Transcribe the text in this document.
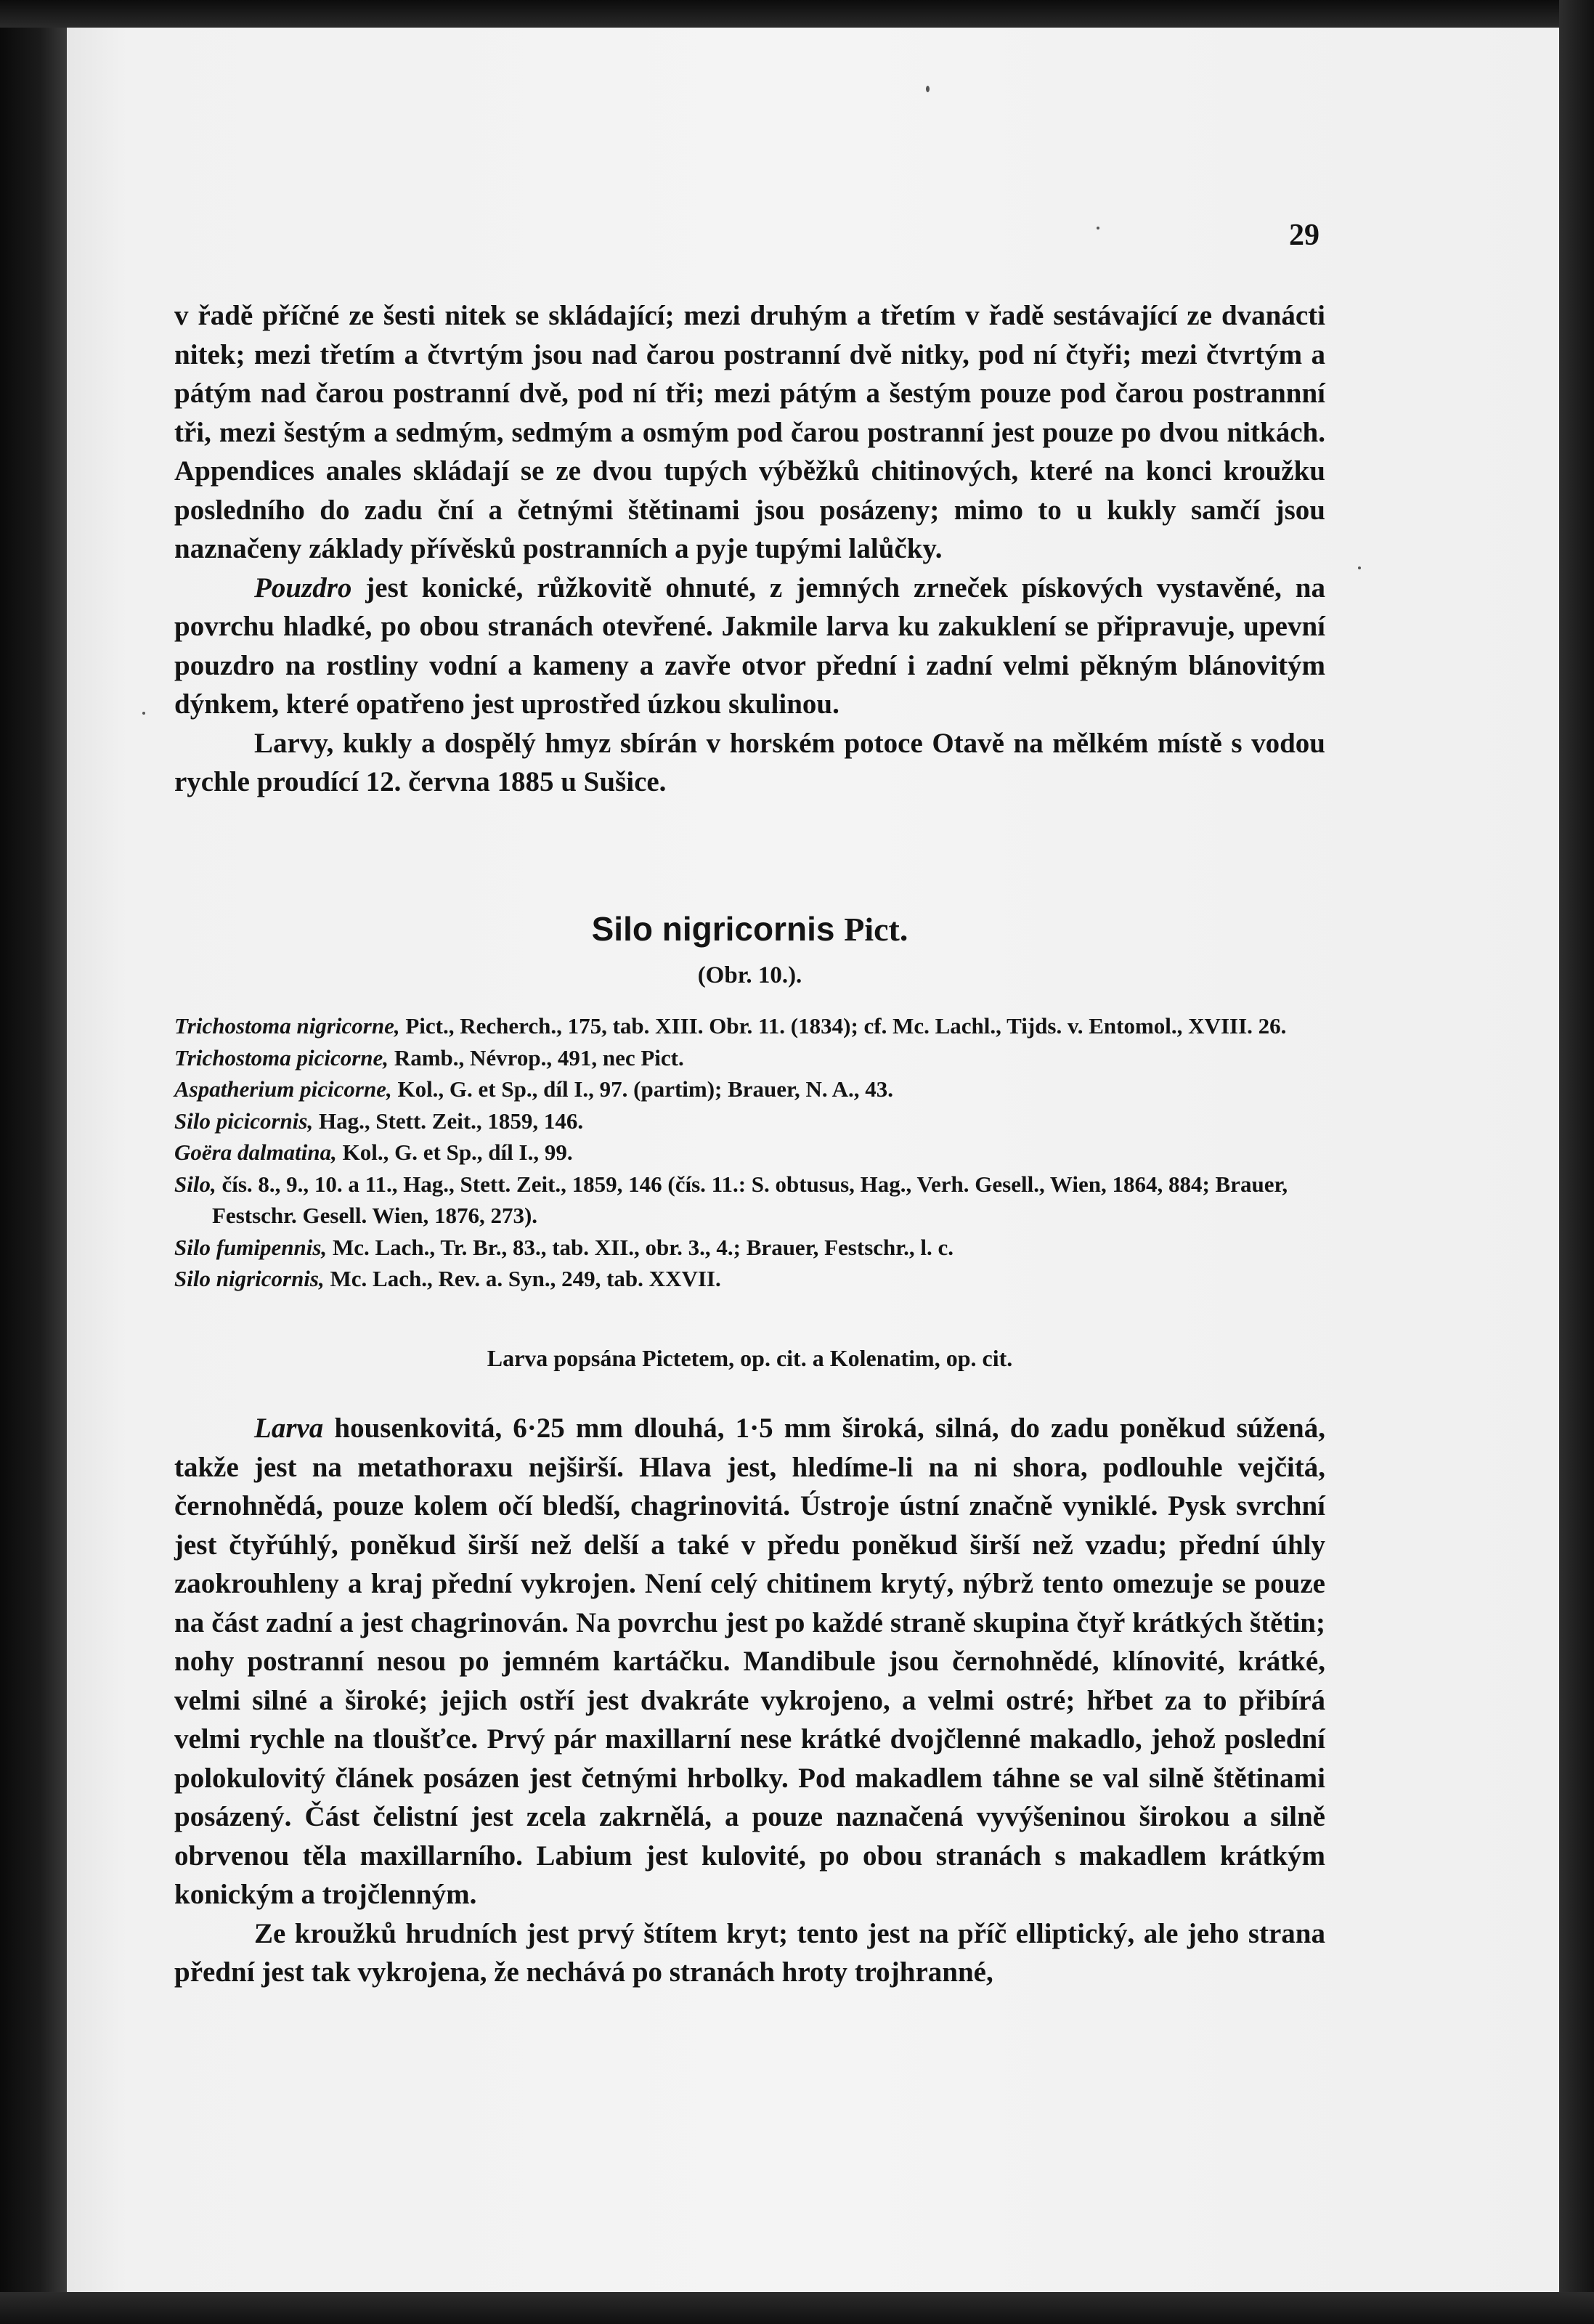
29

v řadě příčné ze šesti nitek se skládající; mezi druhým a třetím v řadě sestávající ze dvanácti nitek; mezi třetím a čtvrtým jsou nad čarou postranní dvě nitky, pod ní čtyři; mezi čtvrtým a pátým nad čarou postranní dvě, pod ní tři; mezi pátým a šestým pouze pod čarou postrannní tři, mezi šestým a sedmým, sedmým a osmým pod čarou postranní jest pouze po dvou nitkách. Appendices anales skládají se ze dvou tupých výběžků chitinových, které na konci kroužku posledního do zadu ční a četnými štětinami jsou posázeny; mimo to u kukly samčí jsou naznačeny základy přívěsků postranních a pyje tupými lalůčky.

Pouzdro jest konické, růžkovitě ohnuté, z jemných zrneček pískových vystavěné, na povrchu hladké, po obou stranách otevřené. Jakmile larva ku zakuklení se připravuje, upevní pouzdro na rostliny vodní a kameny a zavře otvor přední i zadní velmi pěkným blánovitým dýnkem, které opatřeno jest uprostřed úzkou skulinou.

Larvy, kukly a dospělý hmyz sbírán v horském potoce Otavě na mělkém místě s vodou rychle proudící 12. června 1885 u Sušice.

Silo nigricornis Pict.
(Obr. 10.).
Trichostoma nigricorne, Pict., Recherch., 175, tab. XIII. Obr. 11. (1834); cf. Mc. Lachl., Tijds. v. Entomol., XVIII. 26.
Trichostoma picicorne, Ramb., Névrop., 491, nec Pict.
Aspatherium picicorne, Kol., G. et Sp., díl I., 97. (partim); Brauer, N. A., 43.
Silo picicornis, Hag., Stett. Zeit., 1859, 146.
Goëra dalmatina, Kol., G. et Sp., díl I., 99.
Silo, čís. 8., 9., 10. a 11., Hag., Stett. Zeit., 1859, 146 (čís. 11.: S. obtusus, Hag., Verh. Gesell., Wien, 1864, 884; Brauer, Festschr. Gesell. Wien, 1876, 273).
Silo fumipennis, Mc. Lach., Tr. Br., 83., tab. XII., obr. 3., 4.; Brauer, Festschr., l. c.
Silo nigricornis, Mc. Lach., Rev. a. Syn., 249, tab. XXVII.
Larva popsána Pictetem, op. cit. a Kolenatim, op. cit.

Larva housenkovitá, 6·25 mm dlouhá, 1·5 mm široká, silná, do zadu poněkud súžená, takže jest na metathoraxu nejširší. Hlava jest, hledíme-li na ni shora, podlouhle vejčitá, černohnědá, pouze kolem očí bledší, chagrinovitá. Ústroje ústní značně vyniklé. Pysk svrchní jest čtyřúhlý, poněkud širší než delší a také v předu poněkud širší než vzadu; přední úhly zaokrouhleny a kraj přední vykrojen. Není celý chitinem krytý, nýbrž tento omezuje se pouze na část zadní a jest chagrinován. Na povrchu jest po každé straně skupina čtyř krátkých štětin; nohy postranní nesou po jemném kartáčku. Mandibule jsou černohnědé, klínovité, krátké, velmi silné a široké; jejich ostří jest dvakráte vykrojeno, a velmi ostré; hřbet za to přibírá velmi rychle na tloušťce. Prvý pár maxillarní nese krátké dvojčlenné makadlo, jehož poslední polokulovitý článek posázen jest četnými hrbolky. Pod makadlem táhne se val silně štětinami posázený. Část čelistní jest zcela zakrnělá, a pouze naznačená vyvýšeninou širokou a silně obrvenou těla maxillarního. Labium jest kulovité, po obou stranách s makadlem krátkým konickým a trojčlenným.

Ze kroužků hrudních jest prvý štítem kryt; tento jest na příč elliptický, ale jeho strana přední jest tak vykrojena, že nechává po stranách hroty trojhranné,
